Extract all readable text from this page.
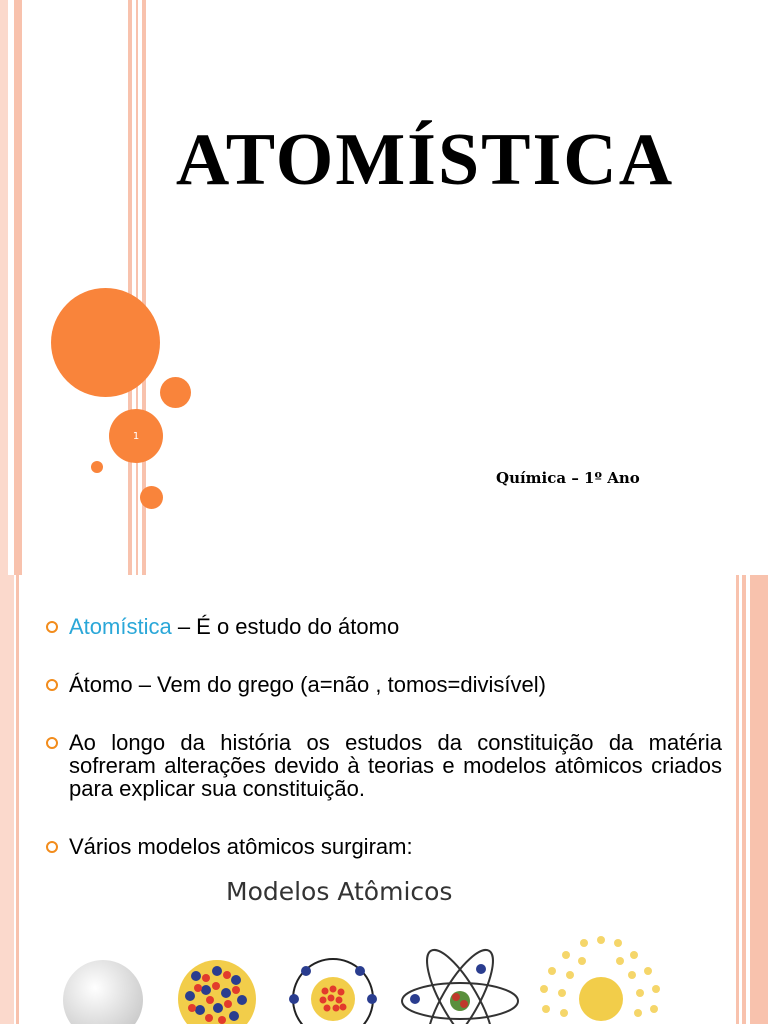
1
ATOMÍSTICA
Química – 1º Ano
Atomística – É o estudo do átomo
Átomo – Vem do grego (a=não , tomos=divisível)
Ao longo da história os estudos da constituição da matéria sofreram alterações devido à teorias e modelos atômicos criados para explicar sua constituição.
Vários modelos atômicos surgiram:
Modelos Atômicos
